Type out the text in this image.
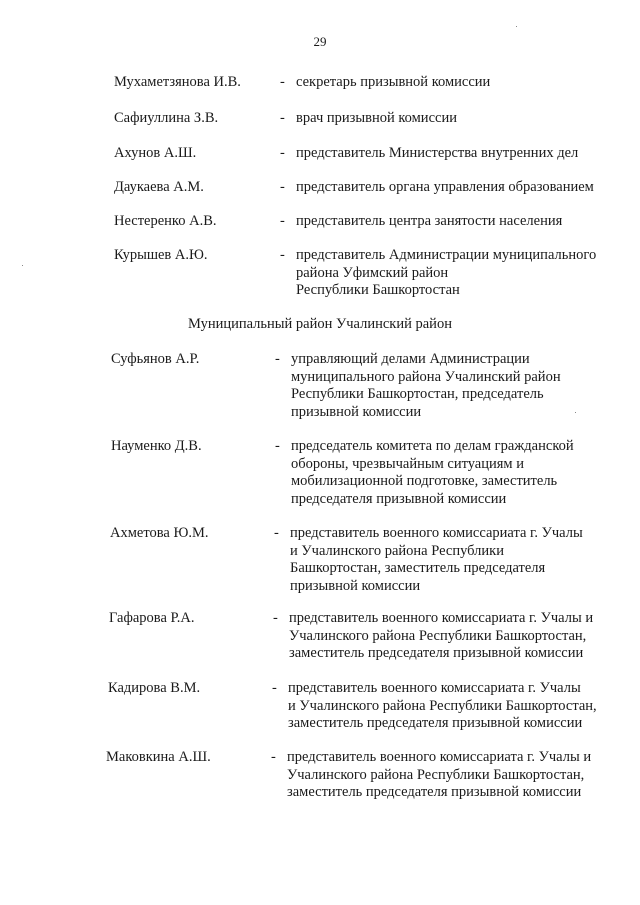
29
Мухаметзянова И.В.	- секретарь призывной комиссии
Сафиуллина З.В.	- врач призывной комиссии
Ахунов А.Ш.	- представитель Министерства внутренних дел
Даукаева А.М.	- представитель органа управления образованием
Нестеренко А.В.	- представитель центра занятости населения
Курышев А.Ю.	- представитель Администрации муниципального
района Уфимский район
Республики Башкортостан
Муниципальный район Учалинский район
Суфьянов А.Р.	- управляющий делами Администрации
муниципального района Учалинский район
Республики Башкортостан, председатель
призывной комиссии
Науменко Д.В.	- председатель комитета по делам гражданской
обороны, чрезвычайным ситуациям и
мобилизационной подготовке, заместитель
председателя призывной комиссии
Ахметова Ю.М.	- представитель военного комиссариата г. Учалы
и Учалинского района Республики
Башкортостан, заместитель председателя
призывной комиссии
Гафарова Р.А.	- представитель военного комиссариата г. Учалы и
Учалинского района Республики Башкортостан,
заместитель председателя призывной комиссии
Кадирова В.М.	- представитель военного комиссариата г. Учалы
и Учалинского района Республики Башкортостан,
заместитель председателя призывной комиссии
Маковкина А.Ш.	- представитель военного комиссариата г. Учалы и
Учалинского района Республики Башкортостан,
заместитель председателя призывной комиссии
